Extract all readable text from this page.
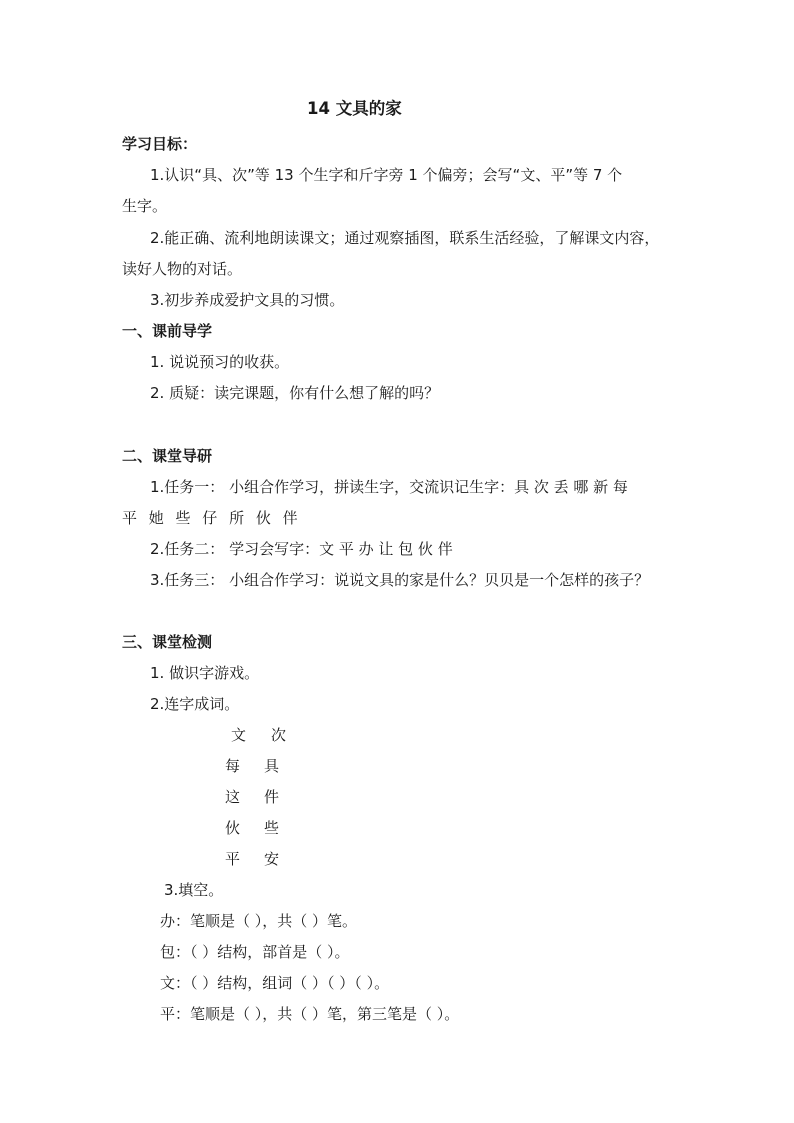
14 文具的家
学习目标：
1.认识“具、次”等 13 个生字和斤字旁 1 个偏旁；会写“文、平”等 7 个
生字。
2.能正确、流利地朗读课文；通过观察插图，联系生活经验，了解课文内容，
读好人物的对话。
3.初步养成爱护文具的习惯。
一、课前导学
1. 说说预习的收获。
2. 质疑：读完课题，你有什么想了解的吗？
二、课堂导研
1.任务一： 小组合作学习，拼读生字，交流识记生字：具 次 丢 哪 新 每
平 她 些 仔 所 伙 伴
2.任务二： 学习会写字：文 平 办 让 包 伙 伴
3.任务三： 小组合作学习：说说文具的家是什么？贝贝是一个怎样的孩子？
三、课堂检测
1. 做识字游戏。
2.连字成词。
文 次
每 具
这 件
伙 些
平 安
3.填空。
办：笔顺是（ ），共（ ）笔。
包：（ ）结构，部首是（ ）。
文：（ ）结构，组词（ ）（ ）（ ）。
平：笔顺是（ ），共（ ）笔，第三笔是（ ）。
